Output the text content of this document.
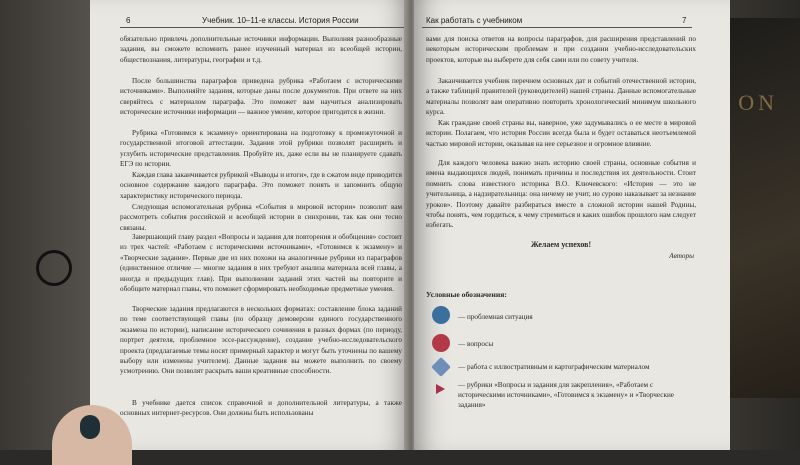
ON
6	Учебник. 10–11-е классы. История России
обязательно привлечь дополнительные источники информации. Выполняя разнообразные задания, вы сможете вспомнить ранее изученный материал из всеобщей истории, обществознания, литературы, географии и т.д.
После большинства параграфов приведена рубрика «Работаем с историческими источниками». Выполняйте задания, которые даны после документов. При ответе на них сверяйтесь с материалом параграфа. Это поможет вам научиться анализировать исторические источники информации — важное умение, которое пригодится в жизни.
Рубрика «Готовимся к экзамену» ориентирована на подготовку к промежуточной и государственной итоговой аттестации. Задания этой рубрики позволят расширить и углубить исторические представления. Пробуйте их, даже если вы не планируете сдавать ЕГЭ по истории.
Каждая глава заканчивается рубрикой «Выводы и итоги», где в сжатом виде приводится основное содержание каждого параграфа. Это поможет понять и запомнить общую характеристику исторического периода.
Следующая вспомогательная рубрика «События в мировой истории» позволит вам рассмотреть события российской и всеобщей истории в синхронии, так как они тесно связаны.
Завершающий главу раздел «Вопросы и задания для повторения и обобщения» состоит из трех частей: «Работаем с историческими источниками», «Готовимся к экзамену» и «Творческие задания». Первые две из них похожи на аналогичные рубрики из параграфов (единственное отличие — многие задания в них требуют анализа материала всей главы, а иногда и предыдущих глав). При выполнении заданий этих частей вы повторите и обобщите материал главы, что поможет сформировать необходимые предметные умения.
Творческие задания предлагаются в нескольких форматах: составление блока заданий по теме соответствующей главы (по образцу демоверсии единого государственного экзамена по истории), написание исторического сочинения в разных формах (по периоду, портрет деятеля, проблемное эссе-рассуждение), создание учебно-исследовательского проекта (предлагаемые темы носят примерный характер и могут быть уточнены по вашему выбору или изменены учителем). Данные задания вы можете выполнить по своему усмотрению. Они позволят раскрыть ваши креативные способности.
В учебнике дается список справочной и дополнительной литературы, а также основных интернет-ресурсов. Они должны быть использованы
Как работать с учебником	7
вами для поиска ответов на вопросы параграфов, для расширения представлений по некоторым историческим проблемам и при создании учебно-исследовательских проектов, которые вы выберете для себя сами или по совету учителя.
Заканчивается учебник перечнем основных дат и событий отечественной истории, а также таблицей правителей (руководителей) нашей страны. Данные вспомогательные материалы позволят вам оперативно повторить хронологический минимум школьного курса.
Как граждане своей страны вы, наверное, уже задумывались о ее месте в мировой истории. Полагаем, что история России всегда была и будет оставаться неотъемлемой частью мировой истории, оказывая на нее серьезное и огромное влияние.
Для каждого человека важно знать историю своей страны, основные события и имена выдающихся людей, понимать причины и последствия их деятельности. Стоит помнить слова известного историка В.О. Ключевского: «История — это не учительница, а надзирательница: она ничему не учит, но сурово наказывает за незнание уроков». Поэтому давайте разбираться вместе в сложной истории нашей Родины, чтобы понять, чем гордиться, к чему стремиться и каких ошибок прошлого нам следует избегать.
Желаем успехов!
Авторы
Условные обозначения:
— проблемная ситуация
— вопросы
— работа с иллюстративным и картографическим материалом
— рубрики «Вопросы и задания для закрепления», «Работаем с историческими источниками», «Готовимся к экзамену» и «Творческие задания»
